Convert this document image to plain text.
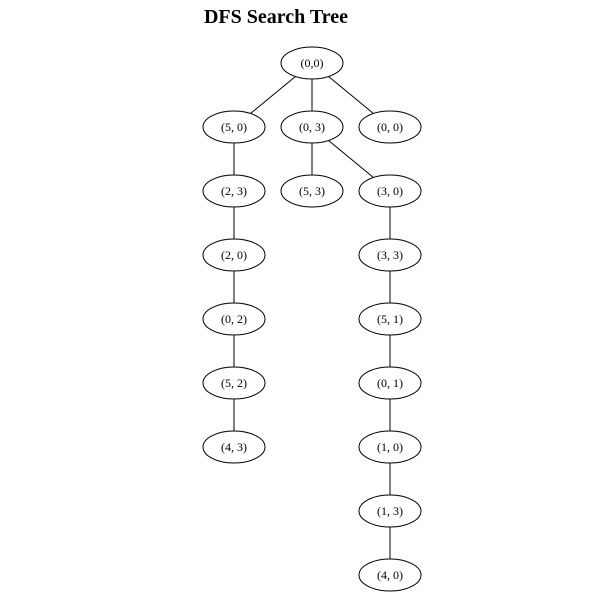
DFS Search Tree
(0,0)
(5, 0)	(0, 3)	(0, 0)
(2, 3)	(5, 3)	(3, 0)
(2, 0)	(3, 3)
(0, 2)	(5, 1)
(5, 2)	(0, 1)
(4, 3)	(1, 0)
(1, 3)
(4, 0)
